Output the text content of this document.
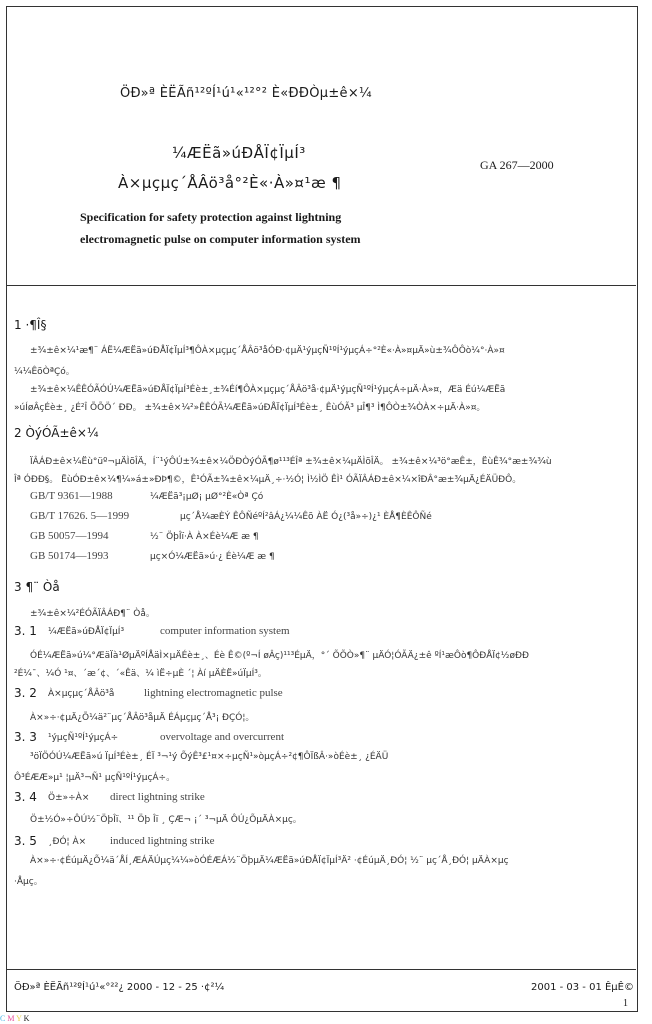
ÖÐ»ª ÈËÃñ¹²ºÍ¹ú¹«¹²°² È«ÐÐÒµ±ê×¼
¼ÆËã»úÐÅÏ¢ÏµÍ³
À×µçµç´ÅÂö³å°²È«·À»¤¹æ ¶
GA 267—2000
Specification for safety protection against lightning
electromagnetic pulse on computer information system
1 ·¶Î§
±¾±ê×¼¹æ¶¨ ÁË¼ÆËã»úÐÅÏ¢ÏµÍ³¶ÔÀ×µçµç´ÅÂö³åÓÐ·¢µÄ¹ýµçÑ¹ºÍ¹ýµçÁ÷°²È«·À»¤µÄ»ù±¾ÔÔò¼°·À»¤
¼¼ÊõÒªÇó。
±¾±ê×¼ÊÊÓÃÓÚ¼ÆËã»úÐÅÏ¢ÏµÍ³Éè±¸±¾Éí¶ÔÀ×µçµç´ÅÂö³å·¢µÄ¹ýµçÑ¹ºÍ¹ýµçÁ÷µÄ·À»¤，Æä Éú¼ÆËã
»úÍøÂçÉè±¸ ¿É²Î ÕÕÖ´ ÐÐ。 ±¾±ê×¼²»ÊÊÓÃ¼ÆËã»úÐÅÏ¢ÏµÍ³Éè±¸ ÊùÓÃ³ µÎ¶³ Ì¶ÔÒ±¾ÒÀ×÷µÄ·À»¤。
2 ÒýÓÃ±ê×¼
ÏÂÁÐ±ê×¼Ëù°üº¬µÄÌõÎÄ，Í¨¹ýÔÚ±¾±ê×¼ÖÐÒýÓÃ¶ø¹¹³ÉÎª ±¾±ê×¼µÄÌõÎÄ。 ±¾±ê×¼³ö°æÊ±，ËùÊ¾°æ±¾¾ù
Îª ÓÐÐ§。 ËùÓÐ±ê×¼¶¼»á±»ÐÞ¶©，Ê¹ÓÃ±¾±ê×¼µÄ¸÷·½Ó¦ Ì½ÌÖ ÊÌ¹ ÓÃÏÂÁÐ±ê×¼×îÐÂ°æ±¾µÄ¿ÉÄÜÐÔ。
GB/T 9361—1988	¼ÆËã³¡µØ¡ µØ°²È«Òª Çó
GB/T 17626. 5—1999	µç´Å¼æÈÝ ÊÔÑéºÍ²âÁ¿¼¼Êõ ÀË Ó¿(³å»÷)¿¹ ÈÅ¶ÈÊÔÑé
GB 50057—1994	½¨ ÖþÎï·À À×Éè¼Æ æ ¶
GB 50174—1993	µç×Ó¼ÆËã»ú·¿ Éè¼Æ æ ¶
3 ¶¨ Òå
±¾±ê×¼²ÉÓÃÏÂÁÐ¶¨ Òå。
3. 1 ¼ÆËã»úÐÅÏ¢ÏµÍ³	computer information system
ÓÉ¼ÆËã»ú¼°ÆäÏà¹ØµÄºÍÅäÌ×µÄÉè±¸、Éè Ê©(º¬Í øÂç)¹¹³ÉµÄ，°´ ÕÕÒ»¶¨ µÄÓ¦ÓÃÄ¿±ê ºÍ¹æÔò¶ÔÐÅÏ¢½øÐÐ
²É¼¯、¼Ó ¹¤、´æ´¢、´«Êä、¼ ìË÷µÈ ´¦ Àí µÄÈË»úÏµÍ³。
3. 2 À×µçµç´ÅÂö³å	lightning electromagnetic pulse
À×»÷·¢µÄ¿Õ¼ä²¨µç´ÅÂö³åµÄ ÉÁµçµç´Å³¡ ÐÇÓ¦。
3. 3 ¹ýµçÑ¹ºÍ¹ýµçÁ÷	overvoltage and overcurrent
³öÏÖÓÚ¼ÆËã»ú ÏµÍ³Éè±¸ ÉÏ ³¬¹ý ÕýÊ³£¹¤×÷µçÑ¹»òµçÁ÷²¢¶ÔÏßÂ·»òÉè±¸ ¿ÉÄÜ
Ô³ÉÆÆ»µ¹ ¦µÄ³¬Ñ¹ µçÑ¹ºÍ¹ýµçÁ÷。
3. 4 Ö±»÷À× direct lightning strike
Ö±½Ó»÷ÔÚ½¨ÖþÎï、¹¹ Öþ Îï ¸ ÇÆ¬ ¡´ ³¬µÄ ÔÚ¿ÕµÄÀ×µç。
3. 5 ¸ÐÓ¦ À× induced lightning strike
À×»÷·¢ÉúµÄ¿Õ¼ä´ÅÍ¸ÆÁÄÚµç¼¼»òÓÉÆÁ½¨ÖþµÄ¼ÆËã»úÐÅÏ¢ÏµÍ³Ä² ·¢ÉúµÄ¸ÐÓ¦ ½¨ µç´Å¸ÐÓ¦ µÄÀ×µç
·Åµç。
ÖÐ»ª ÈËÃñ¹²ºÍ¹ú¹«°²²¿ 2000 - 12 - 25 ·¢²¼	2001 - 03 - 01 ÊµÊ©
1
C M Y K
